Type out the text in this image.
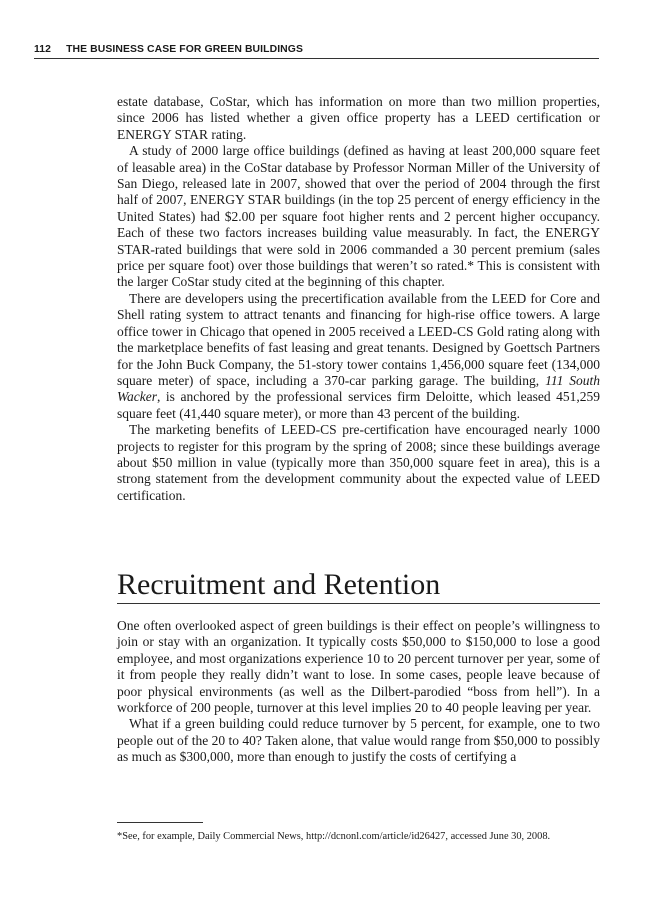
112 THE BUSINESS CASE FOR GREEN BUILDINGS

estate database, CoStar, which has information on more than two million properties, since 2006 has listed whether a given office property has a LEED certification or ENERGY STAR rating.

A study of 2000 large office buildings (defined as having at least 200,000 square feet of leasable area) in the CoStar database by Professor Norman Miller of the University of San Diego, released late in 2007, showed that over the period of 2004 through the first half of 2007, ENERGY STAR buildings (in the top 25 percent of energy efficiency in the United States) had $2.00 per square foot higher rents and 2 percent higher occupancy. Each of these two factors increases building value measurably. In fact, the ENERGY STAR-rated buildings that were sold in 2006 commanded a 30 percent premium (sales price per square foot) over those buildings that weren’t so rated.* This is consistent with the larger CoStar study cited at the beginning of this chapter.

There are developers using the precertification available from the LEED for Core and Shell rating system to attract tenants and financing for high-rise office towers. A large office tower in Chicago that opened in 2005 received a LEED-CS Gold rating along with the marketplace benefits of fast leasing and great tenants. Designed by Goettsch Partners for the John Buck Company, the 51-story tower contains 1,456,000 square feet (134,000 square meter) of space, including a 370-car parking garage. The building, 111 South Wacker, is anchored by the professional services firm Deloitte, which leased 451,259 square feet (41,440 square meter), or more than 43 percent of the building.

The marketing benefits of LEED-CS pre-certification have encouraged nearly 1000 projects to register for this program by the spring of 2008; since these buildings average about $50 million in value (typically more than 350,000 square feet in area), this is a strong statement from the development community about the expected value of LEED certification.

Recruitment and Retention

One often overlooked aspect of green buildings is their effect on people’s willingness to join or stay with an organization. It typically costs $50,000 to $150,000 to lose a good employee, and most organizations experience 10 to 20 percent turnover per year, some of it from people they really didn’t want to lose. In some cases, people leave because of poor physical environments (as well as the Dilbert-parodied “boss from hell”). In a workforce of 200 people, turnover at this level implies 20 to 40 people leaving per year.

What if a green building could reduce turnover by 5 percent, for example, one to two people out of the 20 to 40? Taken alone, that value would range from $50,000 to possibly as much as $300,000, more than enough to justify the costs of certifying a

*See, for example, Daily Commercial News, http://dcnonl.com/article/id26427, accessed June 30, 2008.
